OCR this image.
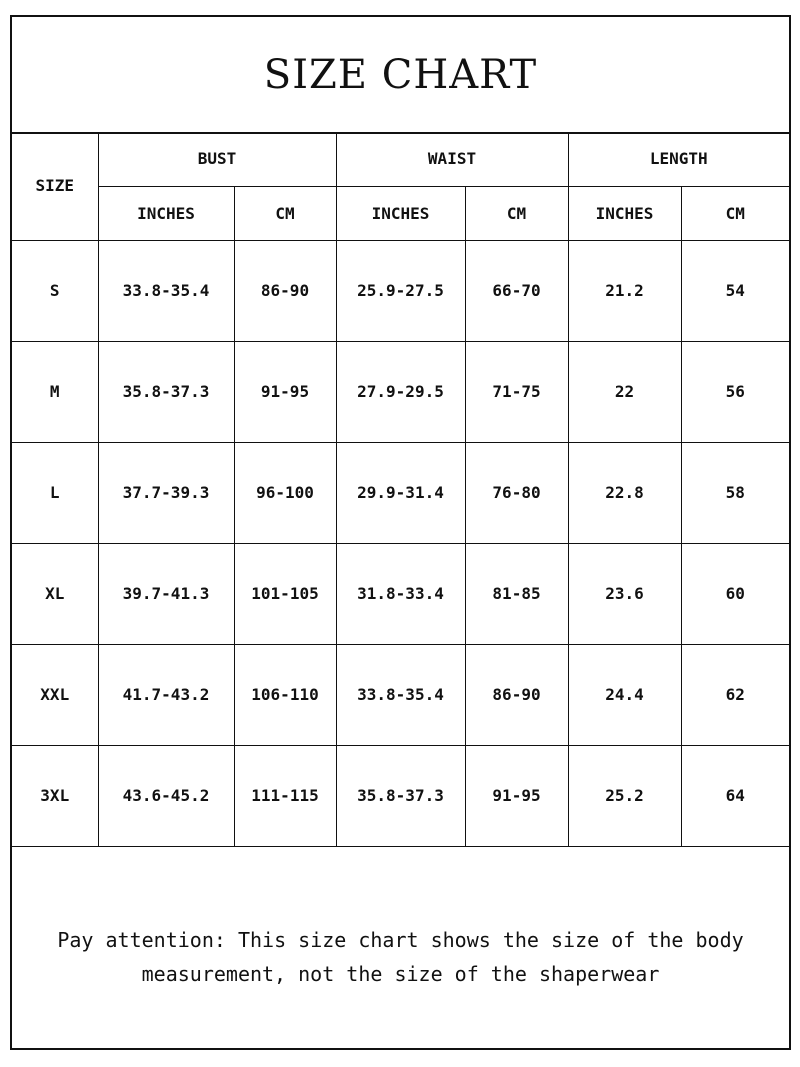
SIZE CHART
SIZE	BUST		WAIST		LENGTH	
	INCHES	CM	INCHES	CM	INCHES	CM
S	33.8-35.4	86-90	25.9-27.5	66-70	21.2	54
M	35.8-37.3	91-95	27.9-29.5	71-75	22	56
L	37.7-39.3	96-100	29.9-31.4	76-80	22.8	58
XL	39.7-41.3	101-105	31.8-33.4	81-85	23.6	60
XXL	41.7-43.2	106-110	33.8-35.4	86-90	24.4	62
3XL	43.6-45.2	111-115	35.8-37.3	91-95	25.2	64
Pay attention: This size chart shows the size of the body
measurement, not the size of the shaperwear
